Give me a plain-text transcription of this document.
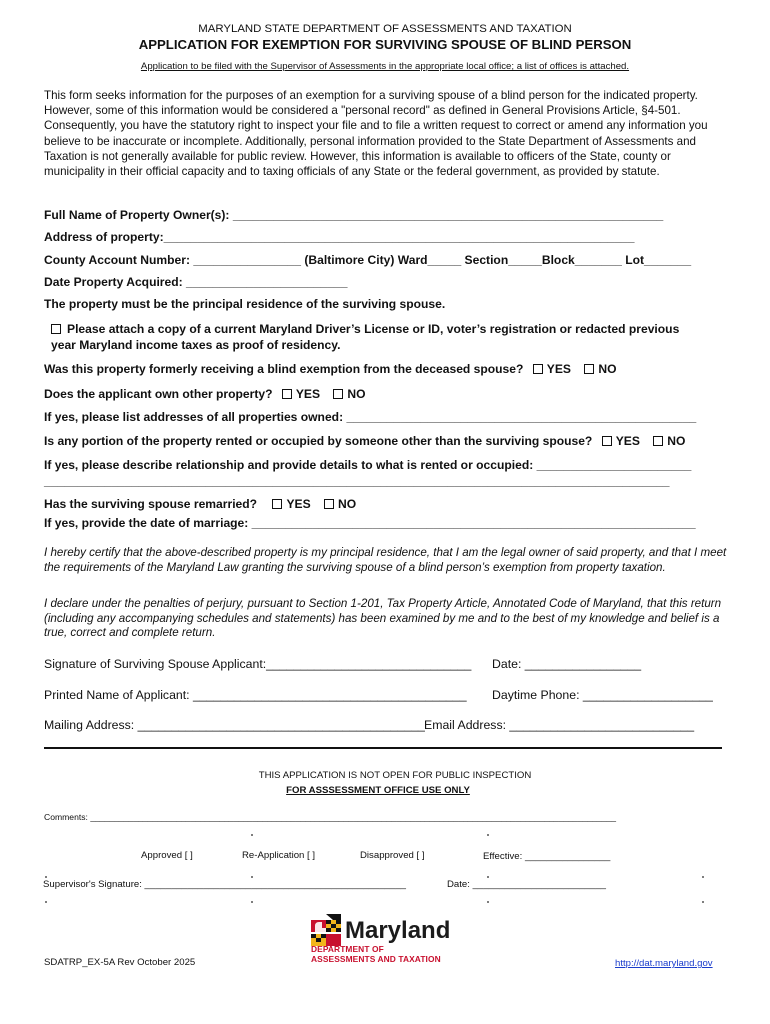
MARYLAND STATE DEPARTMENT OF ASSESSMENTS AND TAXATION
APPLICATION FOR EXEMPTION FOR SURVIVING SPOUSE OF BLIND PERSON
Application to be filed with the Supervisor of Assessments in the appropriate local office; a list of offices is attached.
This form seeks information for the purposes of an exemption for a surviving spouse of a blind person for the indicated property. However, some of this information would be considered a "personal record" as defined in General Provisions Article, §4-501. Consequently, you have the statutory right to inspect your file and to file a written request to correct or amend any information you believe to be inaccurate or incomplete. Additionally, personal information provided to the State Department of Assessments and Taxation is not generally available for public review. However, this information is available to officers of the State, county or municipality in their official capacity and to taxing officials of any State or the federal government, as provided by statute.
Full Name of Property Owner(s): ________________________________________________________________
Address of property:______________________________________________________________________
County Account Number: ________________ (Baltimore City) Ward_____ Section_____Block_______ Lot_______
Date Property Acquired: ________________________
The property must be the principal residence of the surviving spouse.
Please attach a copy of a current Maryland Driver’s License or ID, voter’s registration or redacted previous
year Maryland income taxes as proof of residency.
Was this property formerly receiving a blind exemption from the deceased spouse? YES NO
Does the applicant own other property? YES NO
If yes, please list addresses of all properties owned: ____________________________________________________
Is any portion of the property rented or occupied by someone other than the surviving spouse? YES NO
If yes, please describe relationship and provide details to what is rented or occupied: _______________________
_____________________________________________________________________________________________
Has the surviving spouse remarried? YES NO
If yes, provide the date of marriage: __________________________________________________________________
I hereby certify that the above-described property is my principal residence, that I am the legal owner of said property, and that I meet the requirements of the Maryland Law granting the surviving spouse of a blind person’s exemption from property taxation.
I declare under the penalties of perjury, pursuant to Section 1-201, Tax Property Article, Annotated Code of Maryland, that this return (including any accompanying schedules and statements) has been examined by me and to the best of my knowledge and belief is a true, correct and complete return.
Signature of Surviving Spouse Applicant:______________________________ Date: _________________
Printed Name of Applicant: ________________________________________ Daytime Phone: ___________________
Mailing Address: __________________________________________ Email Address: ___________________________
THIS APPLICATION IS NOT OPEN FOR PUBLIC INSPECTION
FOR ASSSESSMENT OFFICE USE ONLY
Comments: ______________________________________________________________________________________________________________
Approved [ ]	Re-Application [ ]	Disapproved [ ]	Effective: ________________
Supervisor's Signature: _________________________________________________	Date: _________________________
Maryland
DEPARTMENT OF
ASSESSMENTS AND TAXATION
SDATRP_EX-5A Rev October 2025	http://dat.maryland.gov
